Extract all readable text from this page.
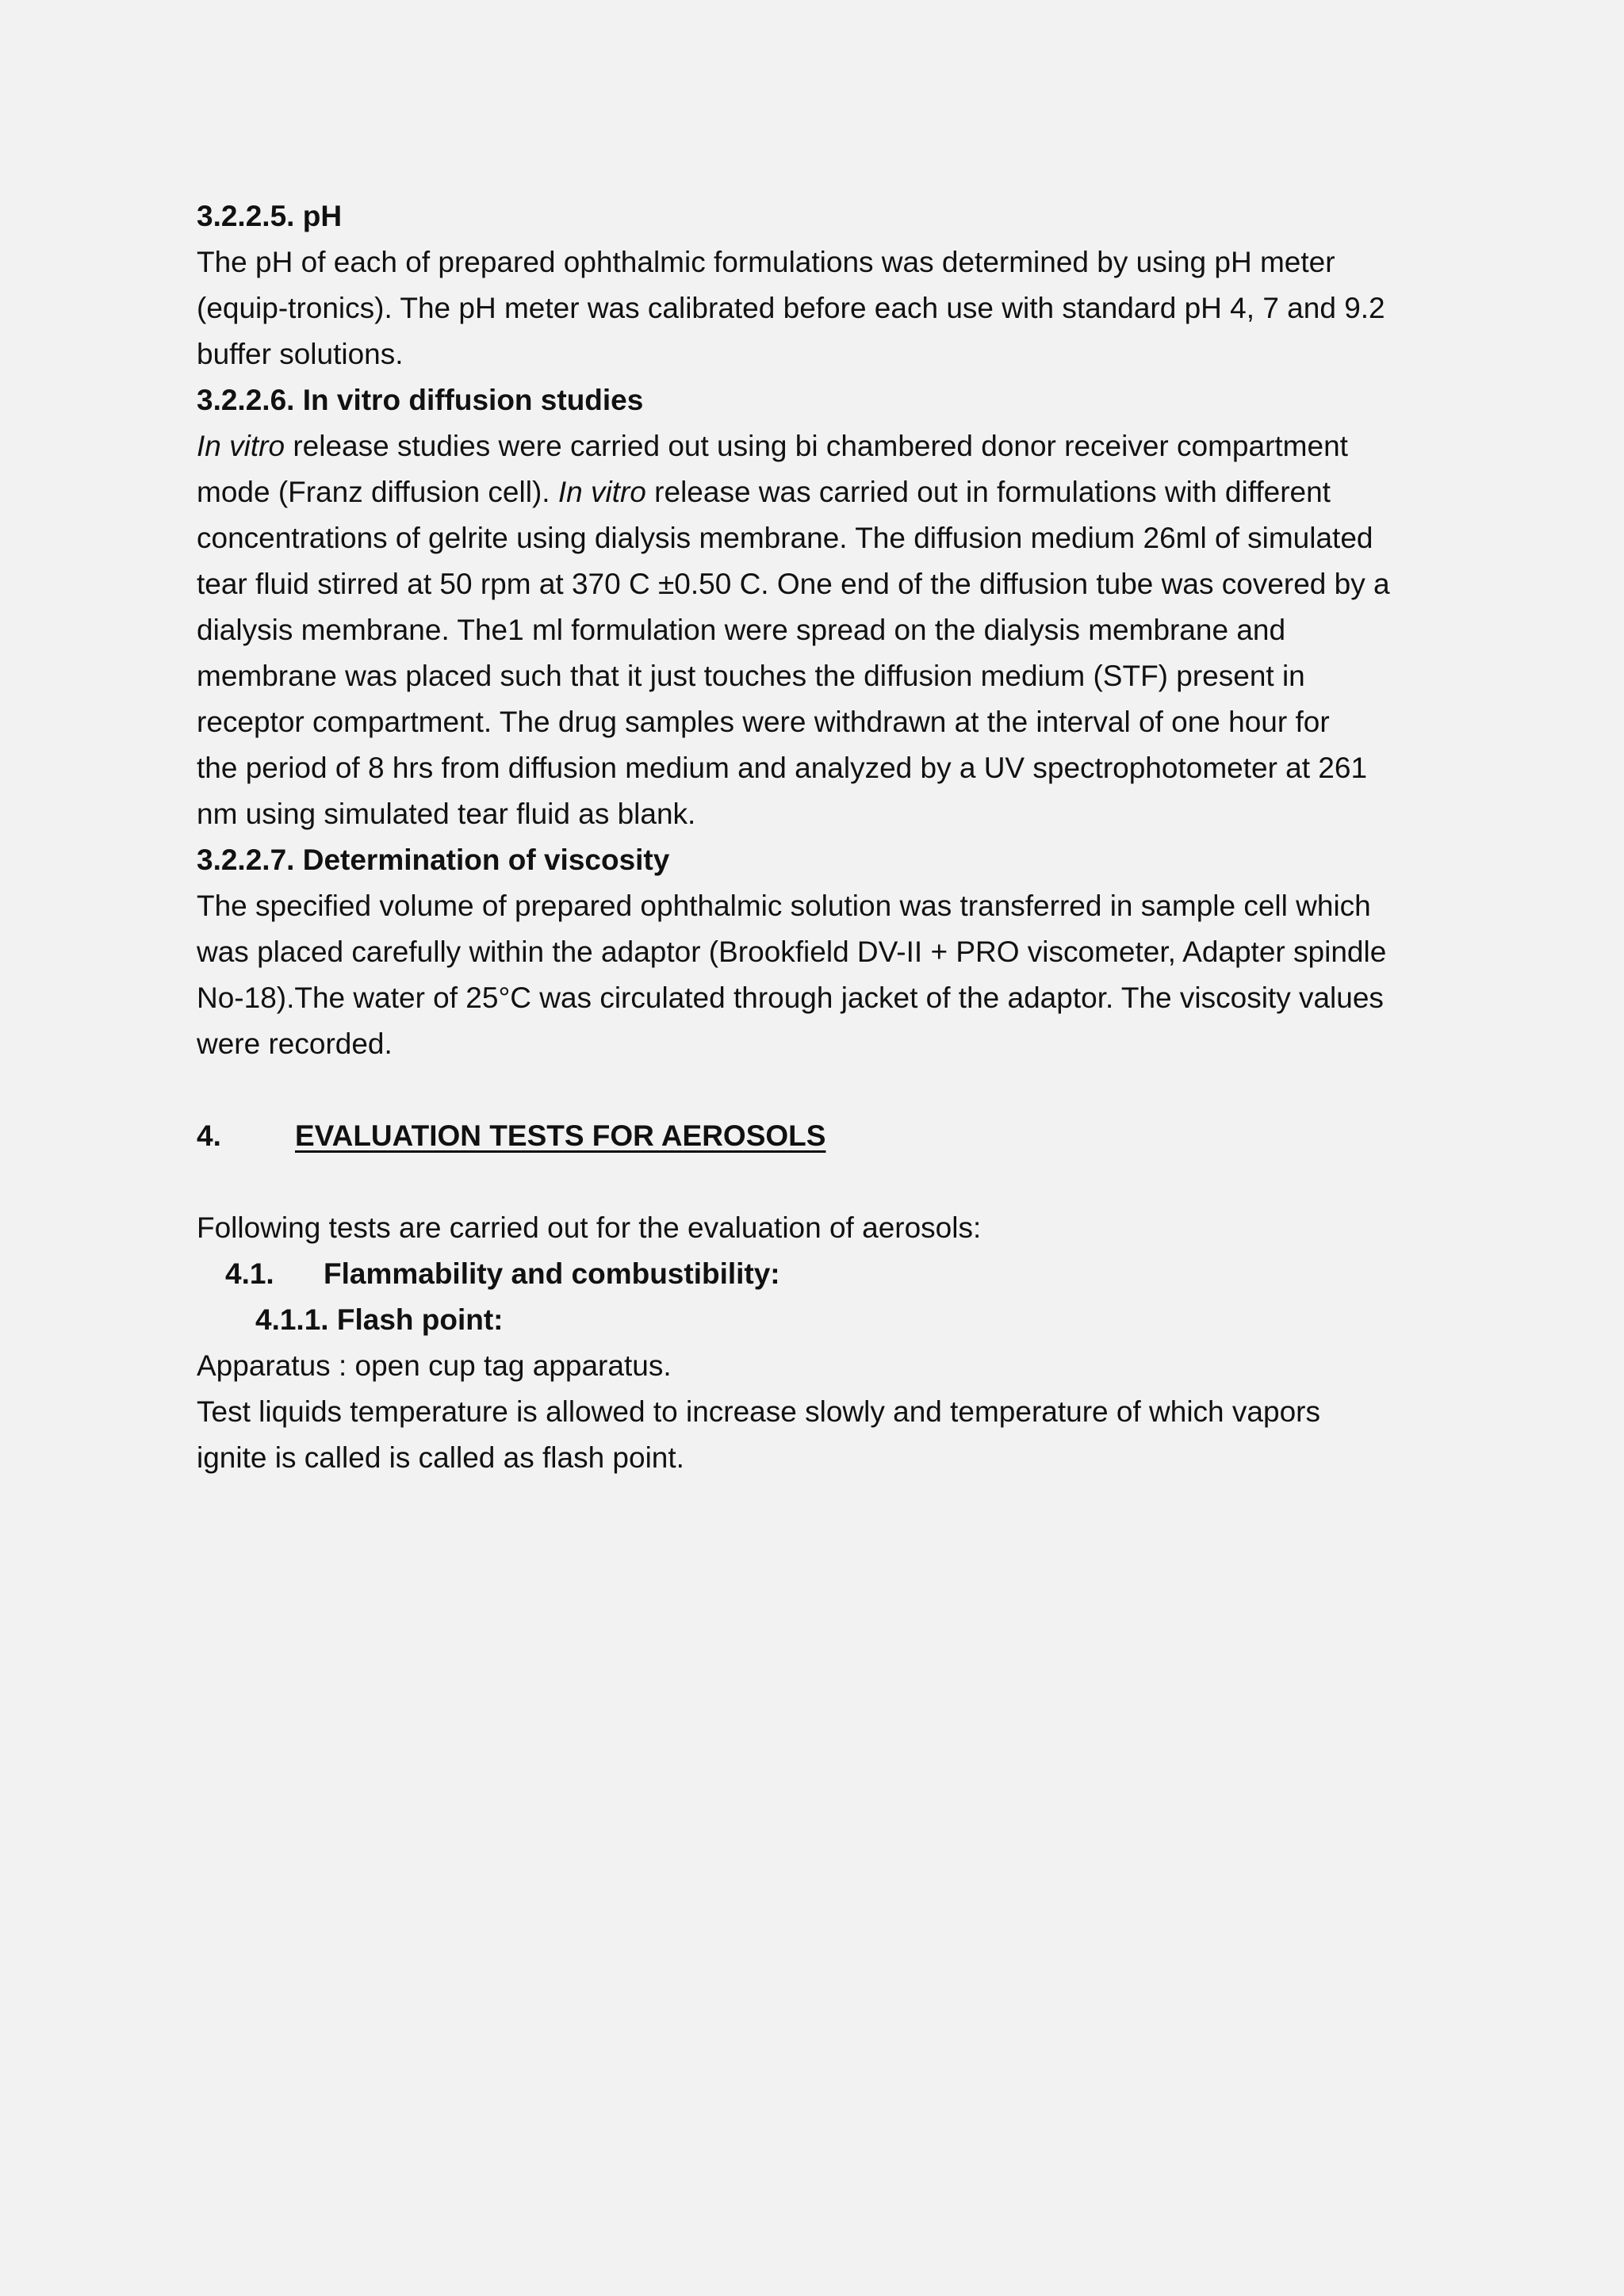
3.2.2.5. pH
The pH of each of prepared ophthalmic formulations was determined by using pH meter
(equip-tronics). The pH meter was calibrated before each use with standard pH 4, 7 and 9.2
buffer solutions.
3.2.2.6. In vitro diffusion studies
In vitro release studies were carried out using bi chambered donor receiver compartment
mode (Franz diffusion cell). In vitro release was carried out in formulations with different
concentrations of gelrite using dialysis membrane. The diffusion medium 26ml of simulated
tear fluid stirred at 50 rpm at 370 C ±0.50 C. One end of the diffusion tube was covered by a
dialysis membrane. The1 ml formulation were spread on the dialysis membrane and
membrane was placed such that it just touches the diffusion medium (STF) present in
receptor compartment. The drug samples were withdrawn at the interval of one hour for
the period of 8 hrs from diffusion medium and analyzed by a UV spectrophotometer at 261
nm using simulated tear fluid as blank.
3.2.2.7. Determination of viscosity
The specified volume of prepared ophthalmic solution was transferred in sample cell which
was placed carefully within the adaptor (Brookfield DV-II + PRO viscometer, Adapter spindle
No-18).The water of 25°C was circulated through jacket of the adaptor. The viscosity values
were recorded.
4.	EVALUATION TESTS FOR AEROSOLS
Following tests are carried out for the evaluation of aerosols:
4.1.	Flammability and combustibility:
4.1.1. Flash point:
Apparatus : open cup tag apparatus.
Test liquids temperature is allowed to increase slowly and temperature of which vapors
ignite is called is called as flash point.
